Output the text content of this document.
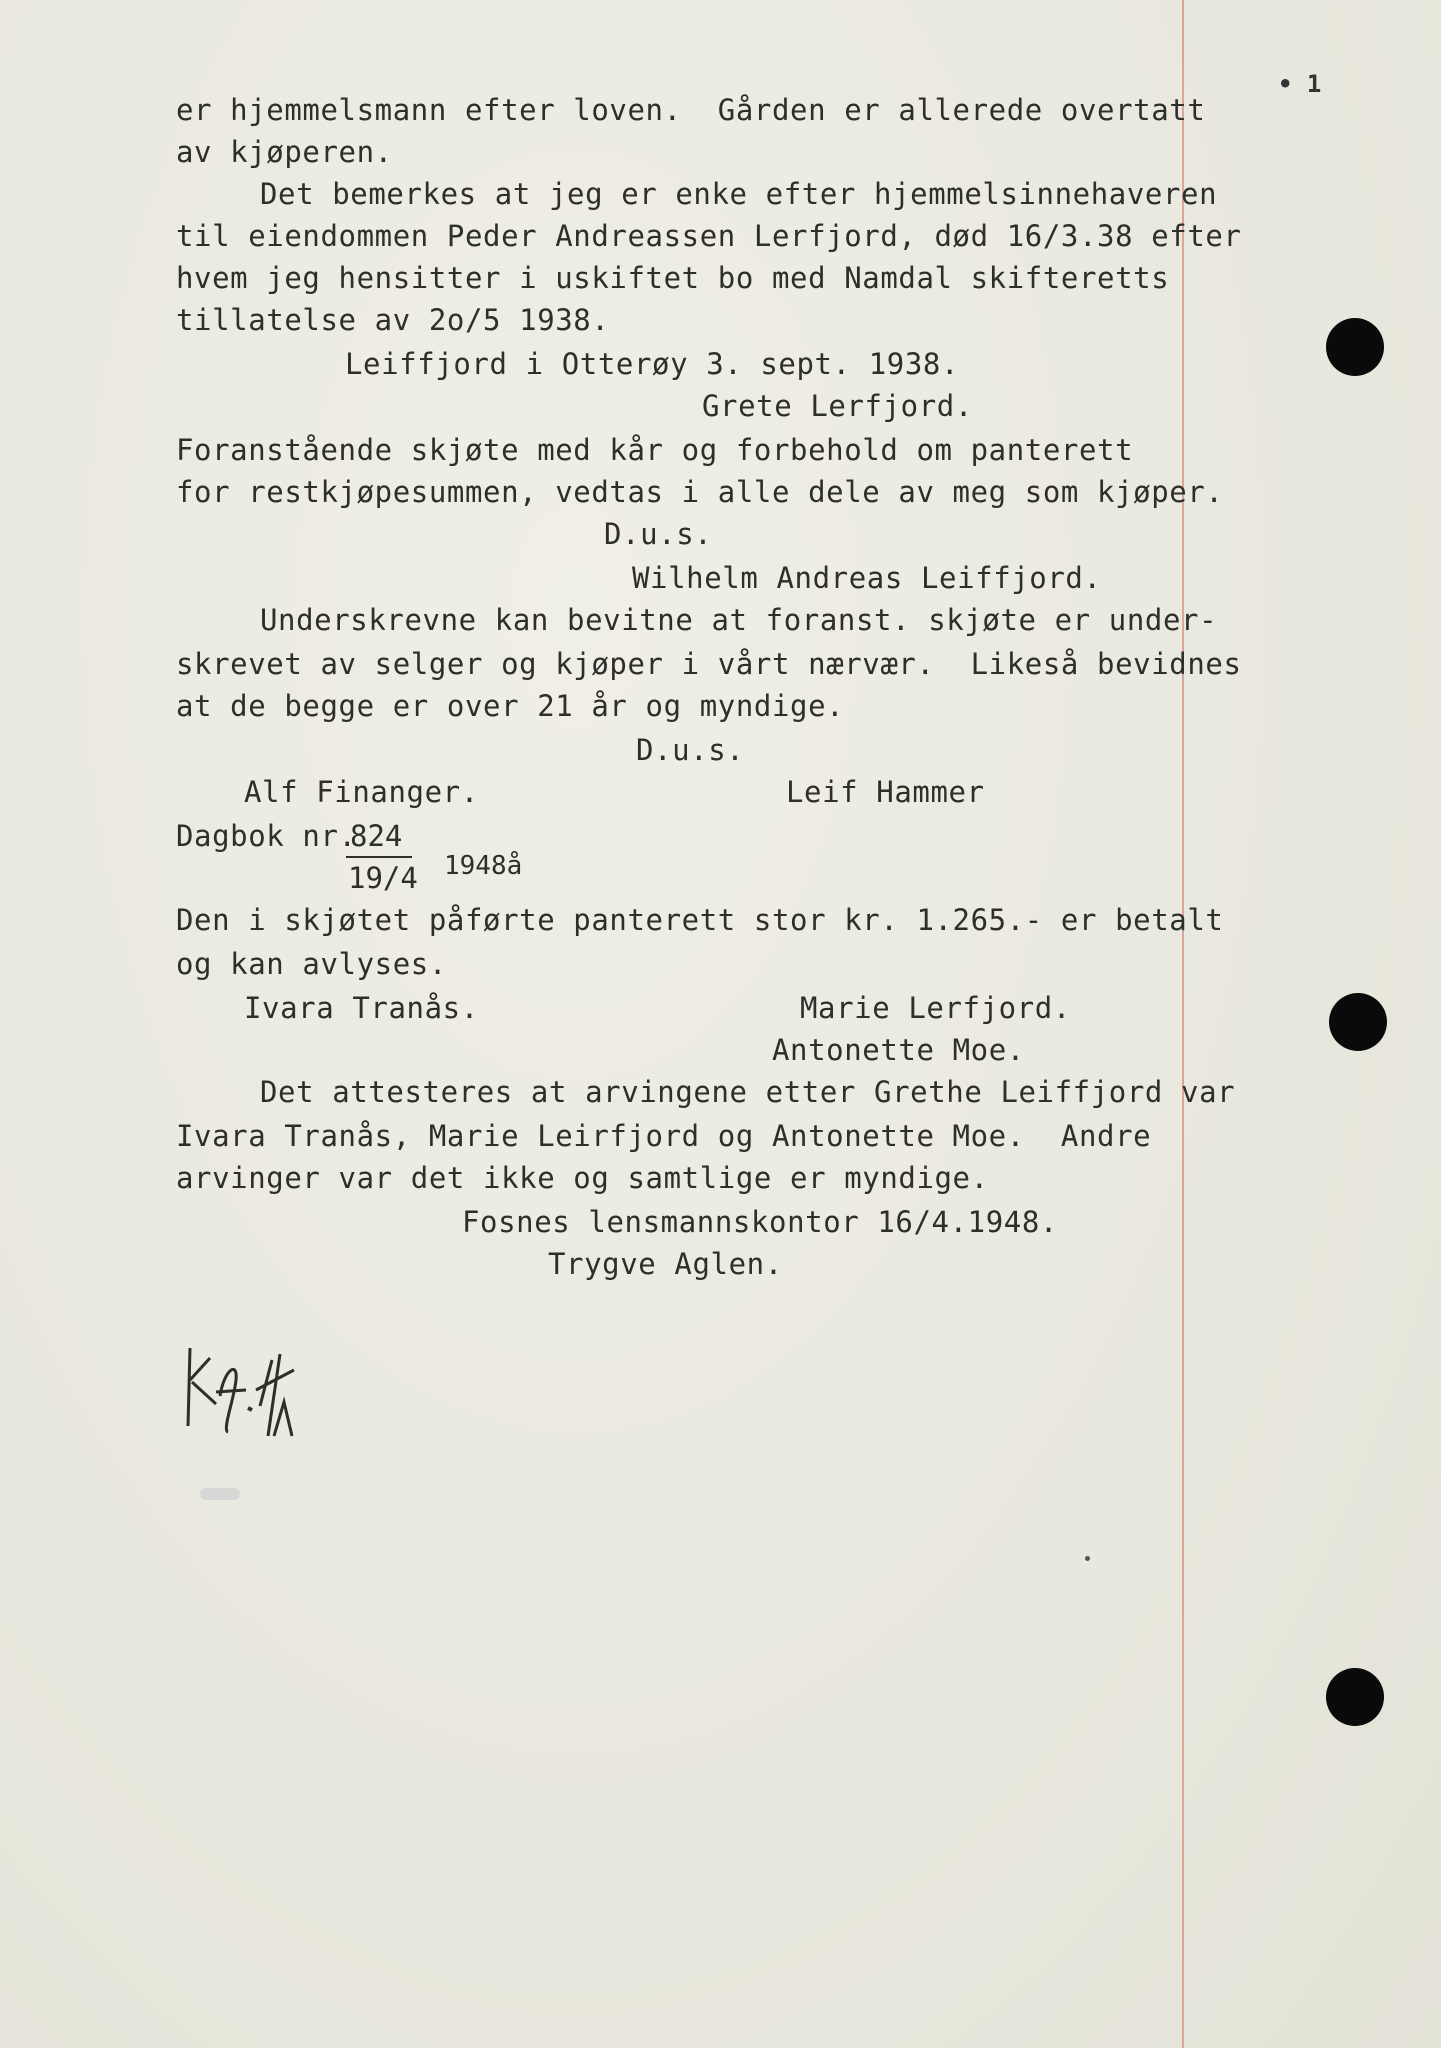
• 1
er hjemmelsmann efter loven.  Gården er allerede overtatt
av kjøperen.
Det bemerkes at jeg er enke efter hjemmelsinnehaveren
til eiendommen Peder Andreassen Lerfjord, død 16/3.38 efter
hvem jeg hensitter i uskiftet bo med Namdal skifteretts
tillatelse av 2o/5 1938.
Leiffjord i Otterøy 3. sept. 1938.
Grete Lerfjord.
Foranstående skjøte med kår og forbehold om panterett
for restkjøpesummen, vedtas i alle dele av meg som kjøper.
D.u.s.
Wilhelm Andreas Leiffjord.
Underskrevne kan bevitne at foranst. skjøte er under-
skrevet av selger og kjøper i vårt nærvær.  Likeså bevidnes
at de begge er over 21 år og myndige.
D.u.s.
Alf Finanger.	Leif Hammer
Dagbok nr.
824
19/4 1948å
Den i skjøtet påførte panterett stor kr. 1.265.- er betalt
og kan avlyses.
Ivara Tranås.	Marie Lerfjord.
Antonette Moe.
Det attesteres at arvingene etter Grethe Leiffjord var
Ivara Tranås, Marie Leirfjord og Antonette Moe.  Andre
arvinger var det ikke og samtlige er myndige.
Fosnes lensmannskontor 16/4.1948.
Trygve Aglen.
